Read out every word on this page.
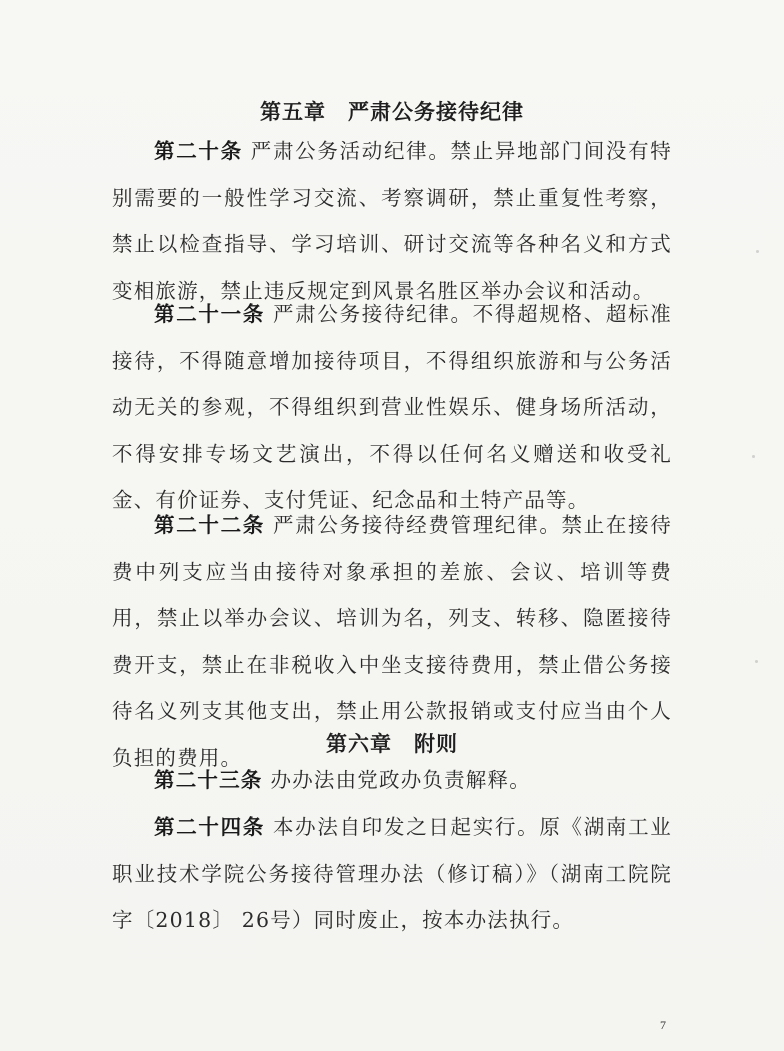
第五章　严肃公务接待纪律

第二十条 严肃公务活动纪律。禁止异地部门间没有特别需要的一般性学习交流、考察调研，禁止重复性考察，禁止以检查指导、学习培训、研讨交流等各种名义和方式变相旅游，禁止违反规定到风景名胜区举办会议和活动。

第二十一条 严肃公务接待纪律。不得超规格、超标准接待，不得随意增加接待项目，不得组织旅游和与公务活动无关的参观，不得组织到营业性娱乐、健身场所活动，不得安排专场文艺演出，不得以任何名义赠送和收受礼金、有价证券、支付凭证、纪念品和土特产品等。

第二十二条 严肃公务接待经费管理纪律。禁止在接待费中列支应当由接待对象承担的差旅、会议、培训等费用，禁止以举办会议、培训为名，列支、转移、隐匿接待费开支，禁止在非税收入中坐支接待费用，禁止借公务接待名义列支其他支出，禁止用公款报销或支付应当由个人负担的费用。

第六章　附则

第二十三条 办办法由党政办负责解释。

第二十四条 本办法自印发之日起实行。原《湖南工业职业技术学院公务接待管理办法（修订稿）》（湖南工院院字〔2018〕 26号）同时废止，按本办法执行。

7
